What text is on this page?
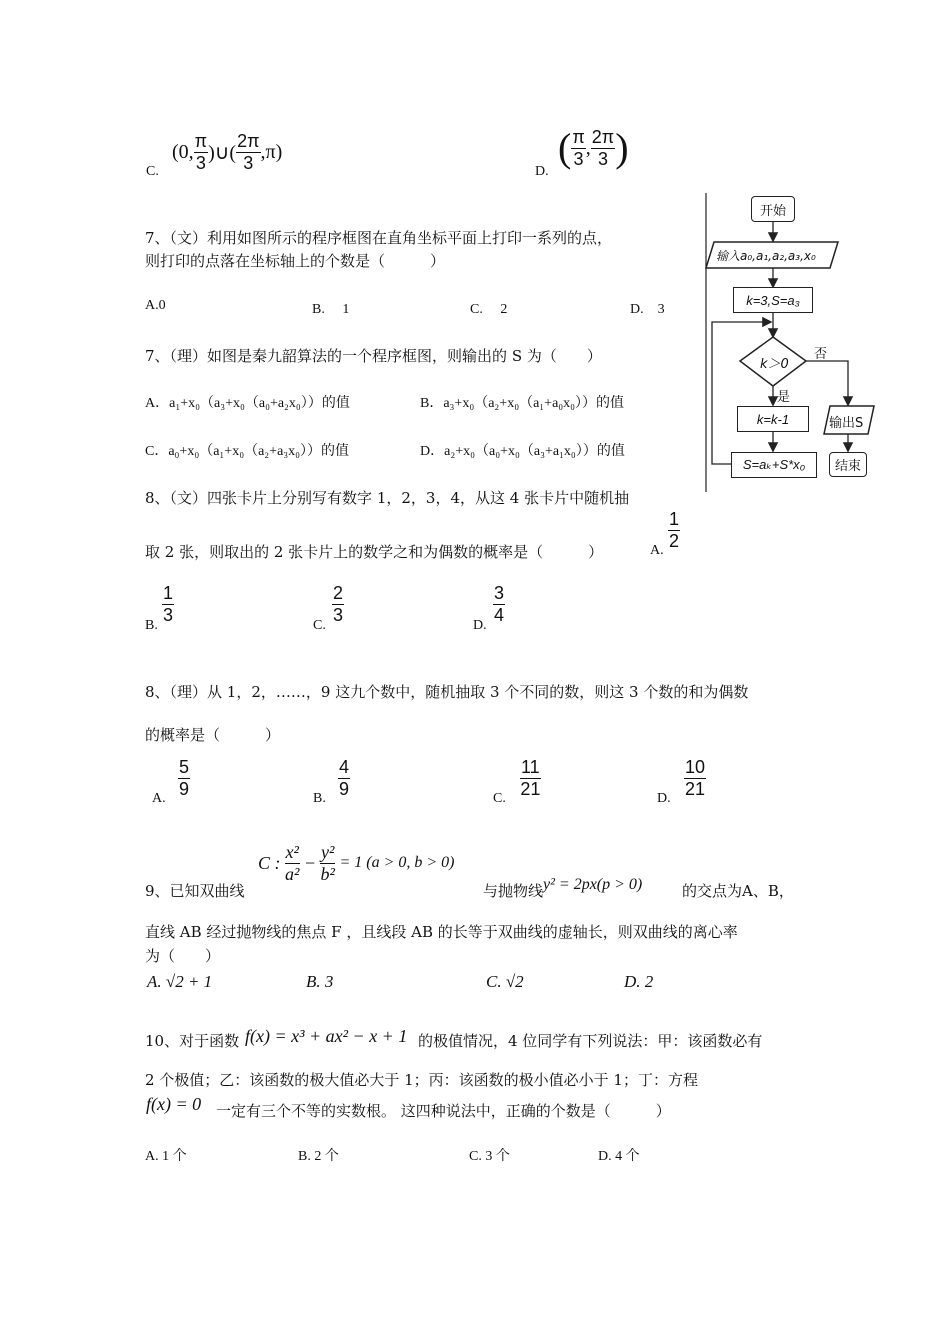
C.
(0, $\frac{\pi}{3}$ )∪( $\frac{2\pi}{3} ,\pi$)
D.
( $\frac{\pi}{3}$ , $\frac{2\pi}{3}$ )
7、（文）利用如图所示的程序框图在直角坐标平面上打印一系列的点，
则打印的点落在坐标轴上的个数是（　　　）
A.0	B.　 1	C.　 2	D.　3
7、（理）如图是秦九韶算法的一个程序框图，则输出的 S 为（　　）
A．a₁+x₀（a₃+x₀（a₀+a₂x₀））的值	B．a₃+x₀（a₂+x₀（a₁+a₀x₀））的值
C．a₀+x₀（a₁+x₀（a₂+a₃x₀））的值	D．a₂+x₀（a₀+x₀（a₃+a₁x₀））的值
开始
输入a₀,a₁,a₂,a₃,x₀
k=3,S=a₃
k＞0
否
是
k=k-1
S=aₖ+S*x₀
输出S
结束
8、（文）四张卡片上分别写有数字 1，2，3，4，从这 4 张卡片中随机抽
取 2 张，则取出的 2 张卡片上的数学之和为偶数的概率是（　　　）	A. $\frac{1}{2}$
B.
$\frac{1}{3}$
C.
$\frac{2}{3}$
D.
$\frac{3}{4}$
8、（理）从 1，2，……，9 这九个数中，随机抽取 3 个不同的数，则这 3 个数的和为偶数
的概率是（　　　）
A. $\frac{5}{9}$	B. $\frac{4}{9}$	C. $\frac{11}{21}$	D. $\frac{10}{21}$
9、已知双曲线
C : $\frac{\text{x²}}{\text{a²}} - \frac{\text{y²}}{\text{b²}} = 1$ (a > 0, b > 0)
与抛物线 y² = 2px(p > 0)	的交点为A、B，
直线 AB 经过抛物线的焦点 F ，且线段 AB 的长等于双曲线的虚轴长，则双曲线的离心率
为（　　）
A. √2 + 1	B. 3	C. √2	D. 2
10、对于函数 f(x) = x³ + ax² − x + 1 的极值情况，4 位同学有下列说法：甲：该函数必有
2 个极值；乙：该函数的极大值必大于 1；丙：该函数的极小值必小于 1；丁：方程
f(x) = 0 一定有三个不等的实数根。 这四种说法中，正确的个数是（　　　）
A. 1 个	B. 2 个	C. 3 个	D. 4 个
